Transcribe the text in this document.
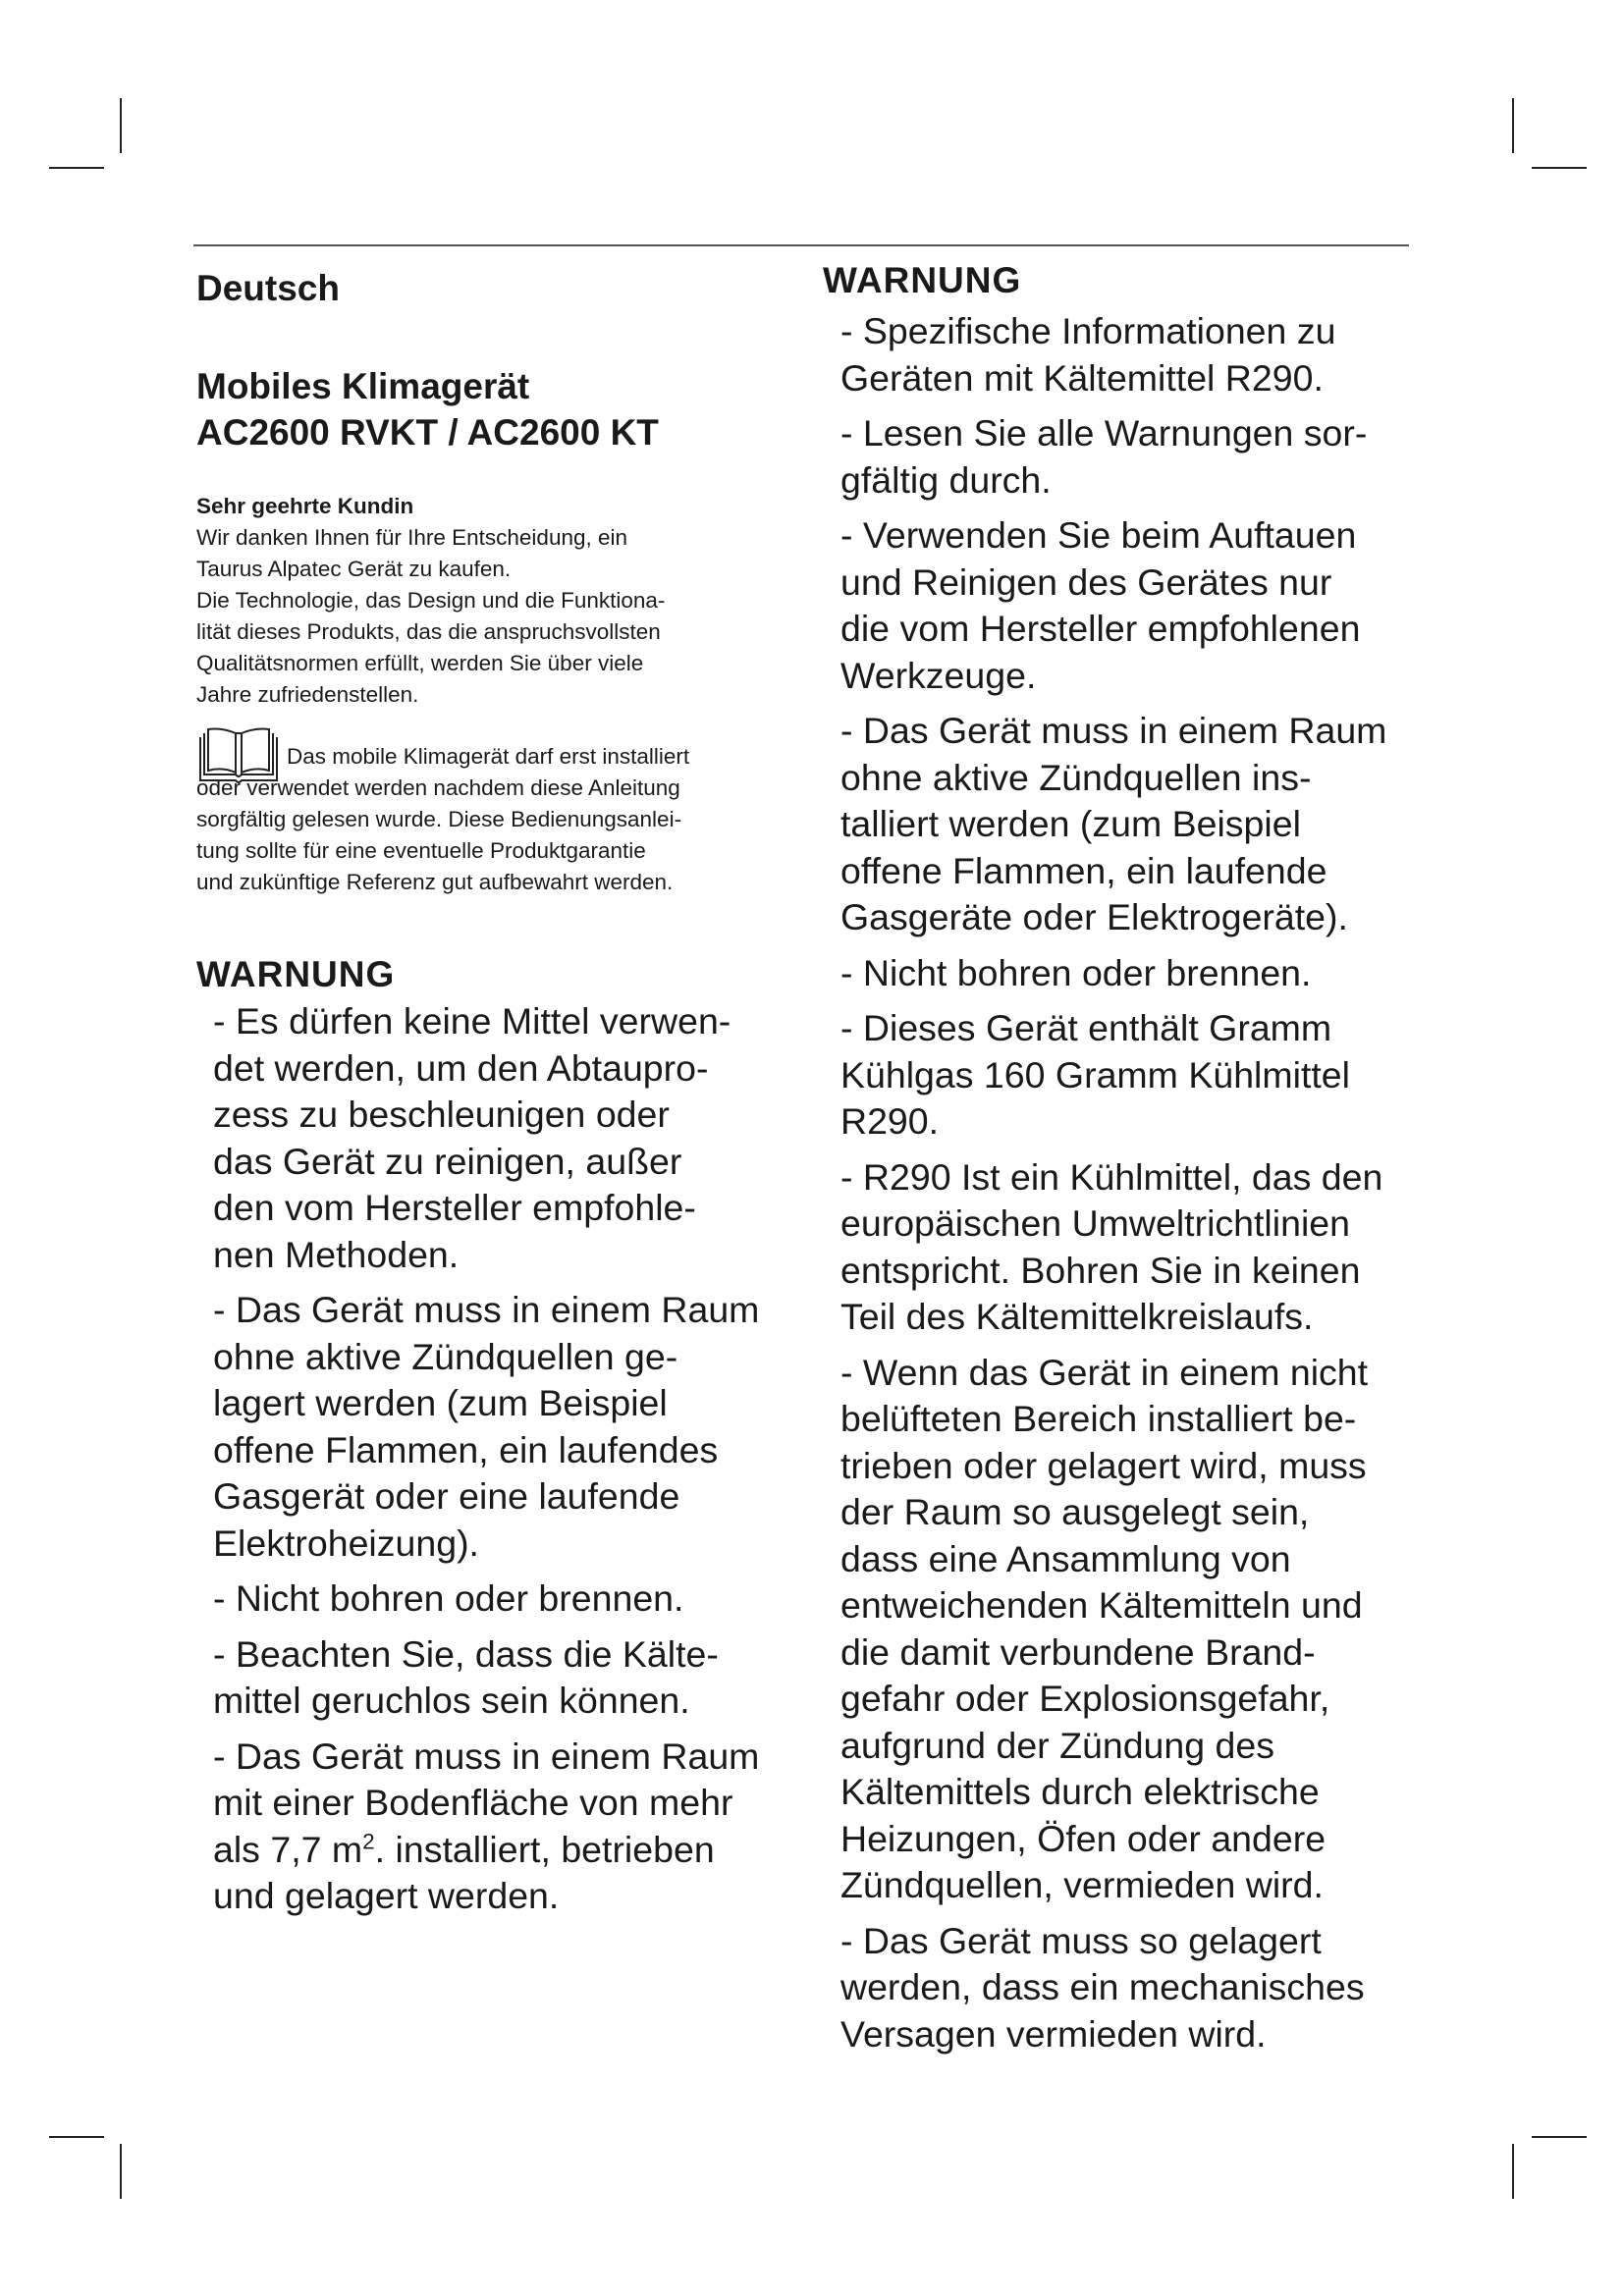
Deutsch
Mobiles Klimagerät
AC2600 RVKT / AC2600 KT
Sehr geehrte Kundin

Wir danken Ihnen für Ihre Entscheidung, ein

Taurus Alpatec Gerät zu kaufen.

Die Technologie, das Design und die Funktiona-

lität dieses Produkts, das die anspruchsvollsten

Qualitätsnormen erfüllt, werden Sie über viele

Jahre zufriedenstellen.

Das mobile Klimagerät darf erst installiert
oder verwendet werden nachdem diese Anleitung
sorgfältig gelesen wurde. Diese Bedienungsanlei-
tung sollte für eine eventuelle Produktgarantie
und zukünftige Referenz gut aufbewahrt werden.
WARNUNG
- Es dürfen keine Mittel verwen-
det werden, um den Abtaupro-
zess zu beschleunigen oder
das Gerät zu reinigen, außer
den vom Hersteller empfohle-
nen Methoden.
- Das Gerät muss in einem Raum
ohne aktive Zündquellen ge-
lagert werden (zum Beispiel
offene Flammen, ein laufendes
Gasgerät oder eine laufende
Elektroheizung).
- Nicht bohren oder brennen.
- Beachten Sie, dass die Kälte-
mittel geruchlos sein können.
- Das Gerät muss in einem Raum
mit einer Bodenfläche von mehr
als 7,7 $m^2$. installiert, betrieben
und gelagert werden.
WARNUNG
- Spezifische Informationen zu
Geräten mit Kältemittel R290.
- Lesen Sie alle Warnungen sor-
gfältig durch.
- Verwenden Sie beim Auftauen
und Reinigen des Gerätes nur
die vom Hersteller empfohlenen
Werkzeuge.
- Das Gerät muss in einem Raum
ohne aktive Zündquellen ins-
talliert werden (zum Beispiel
offene Flammen, ein laufende
Gasgeräte oder Elektrogeräte).
- Nicht bohren oder brennen.
- Dieses Gerät enthält Gramm
Kühlgas 160 Gramm Kühlmittel
R290.
- R290 Ist ein Kühlmittel, das den
europäischen Umweltrichtlinien
entspricht. Bohren Sie in keinen
Teil des Kältemittelkreislaufs.
- Wenn das Gerät in einem nicht
belüfteten Bereich installiert be-
trieben oder gelagert wird, muss
der Raum so ausgelegt sein,
dass eine Ansammlung von
entweichenden Kältemitteln und
die damit verbundene Brand-
gefahr oder Explosionsgefahr,
aufgrund der Zündung des
Kältemittels durch elektrische
Heizungen, Öfen oder andere
Zündquellen, vermieden wird.
- Das Gerät muss so gelagert
werden, dass ein mechanisches
Versagen vermieden wird.
